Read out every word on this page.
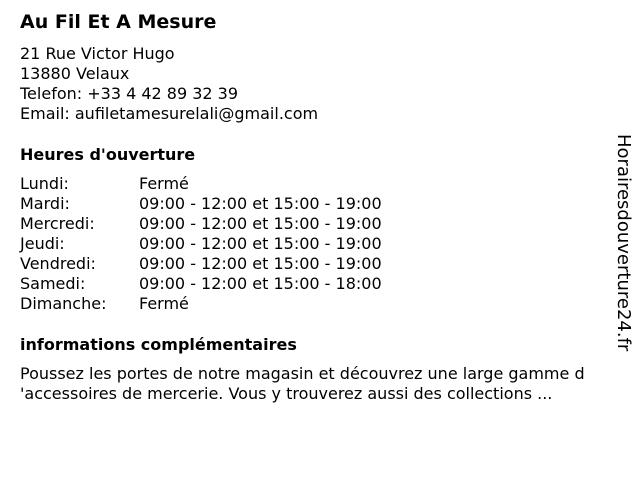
Au Fil Et A Mesure
21 Rue Victor Hugo
13880 Velaux
Telefon: +33 4 42 89 32 39
Email: aufiletamesurelali@gmail.com
Heures d'ouverture
Lundi:	Fermé
Mardi:	09:00 - 12:00 et 15:00 - 19:00
Mercredi:	09:00 - 12:00 et 15:00 - 19:00
Jeudi:	09:00 - 12:00 et 15:00 - 19:00
Vendredi:	09:00 - 12:00 et 15:00 - 19:00
Samedi:	09:00 - 12:00 et 15:00 - 18:00
Dimanche: Fermé
informations complémentaires
Poussez les portes de notre magasin et découvrez une large gamme d
'accessoires de mercerie. Vous y trouverez aussi des collections ...
Horairesdouverture24.fr
